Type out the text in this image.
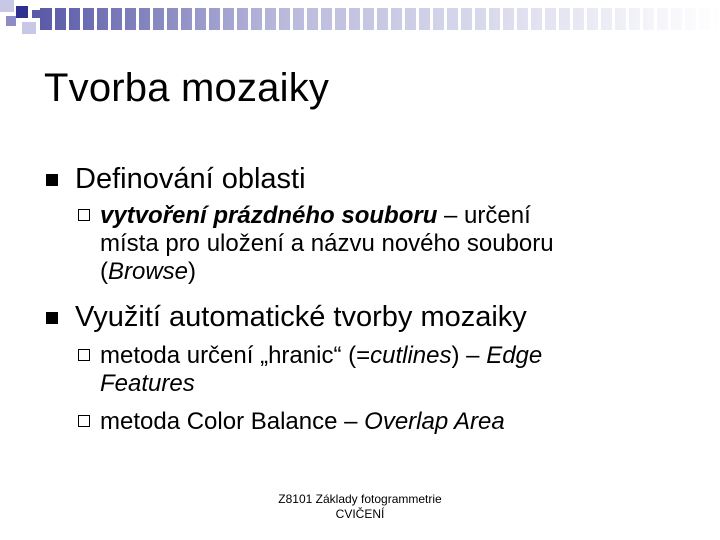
Tvorba mozaiky
Definování oblasti
vytvoření prázdného souboru – určení
místa pro uložení a názvu nového souboru
(Browse)
Využití automatické tvorby mozaiky
metoda určení „hranic“ (=cutlines) – Edge
Features
metoda Color Balance – Overlap Area
Z8101 Základy fotogrammetrie
CVIČENÍ
